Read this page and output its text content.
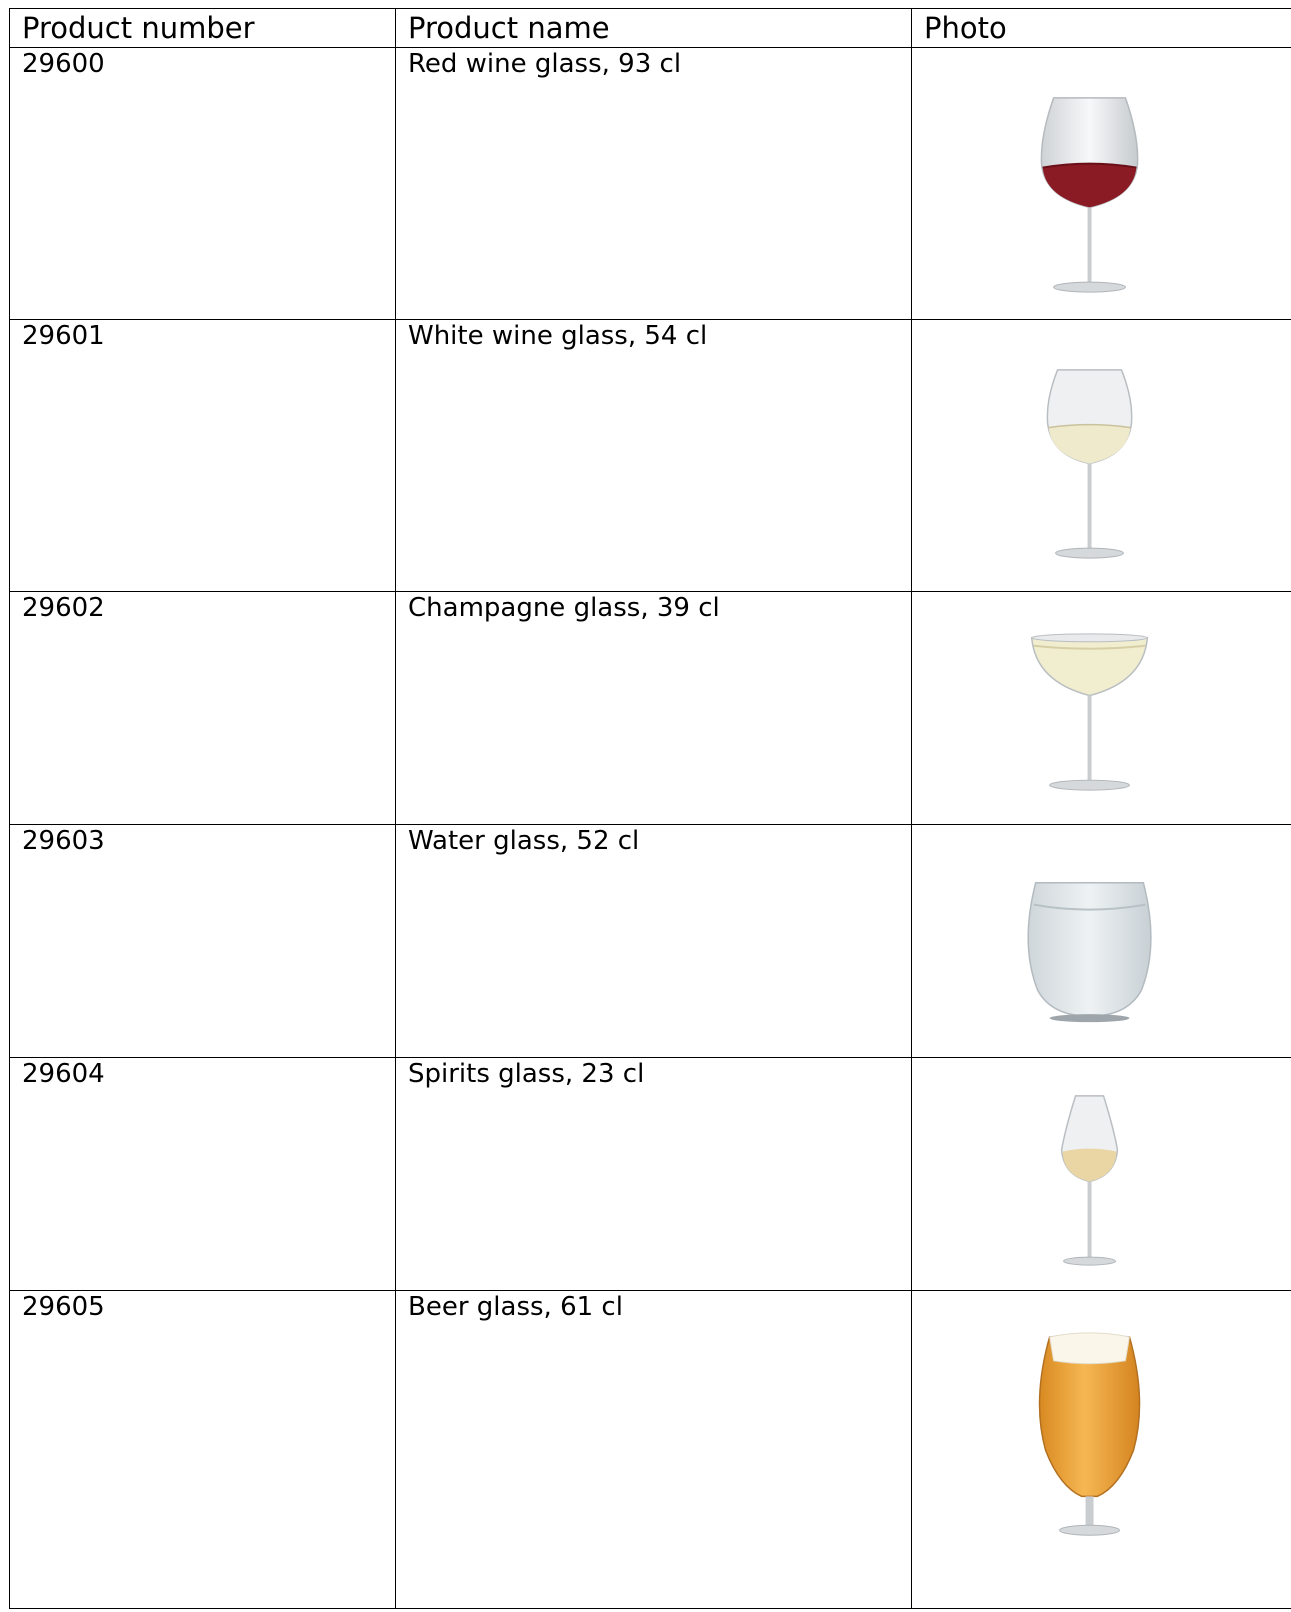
Product number	Product name	Photo
29600	Red wine glass, 93 cl	

29601	White wine glass, 54 cl	

29602	Champagne glass, 39 cl	

29603	Water glass, 52 cl	

29604	Spirits glass, 23 cl	

29605	Beer glass, 61 cl	
